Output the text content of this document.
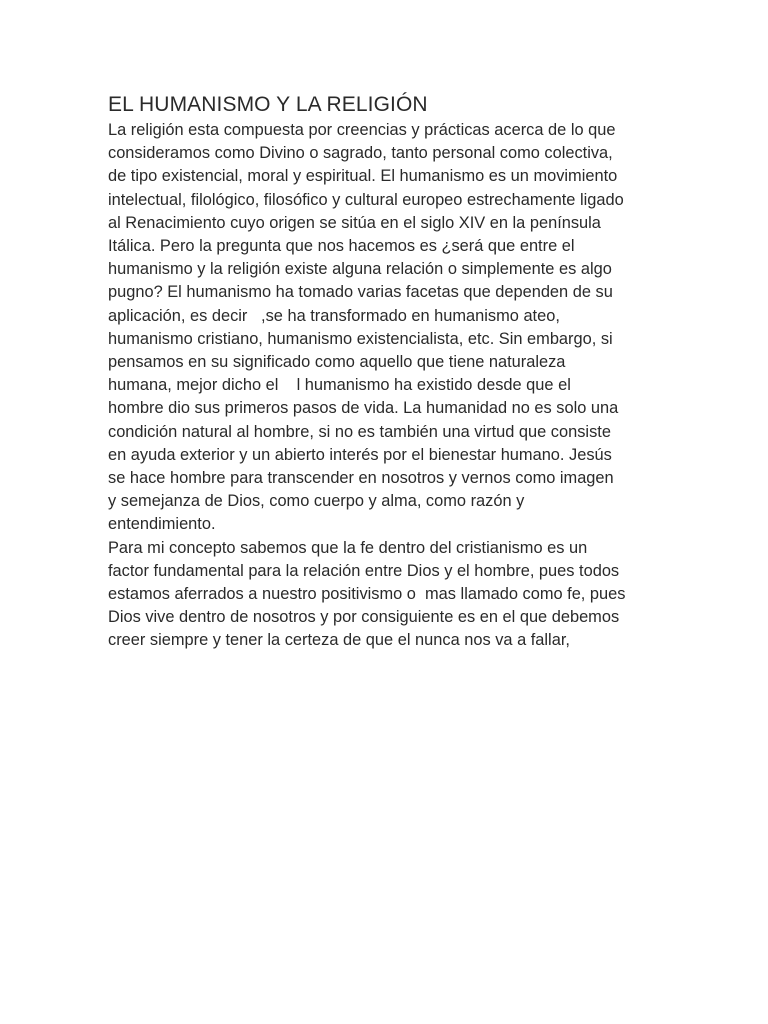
EL HUMANISMO Y LA RELIGIÓN
La religión esta compuesta por creencias y prácticas acerca de lo que
consideramos como Divino o sagrado, tanto personal como colectiva,
de tipo existencial, moral y espiritual. El humanismo es un movimiento
intelectual, filológico, filosófico y cultural europeo estrechamente ligado
al Renacimiento cuyo origen se sitúa en el siglo XIV en la península
Itálica. Pero la pregunta que nos hacemos es ¿será que entre el
humanismo y la religión existe alguna relación o simplemente es algo
pugno? El humanismo ha tomado varias facetas que dependen de su
aplicación, es decir   ,se ha transformado en humanismo ateo,
humanismo cristiano, humanismo existencialista, etc. Sin embargo, si
pensamos en su significado como aquello que tiene naturaleza
humana, mejor dicho el    l humanismo ha existido desde que el
hombre dio sus primeros pasos de vida. La humanidad no es solo una
condición natural al hombre, si no es también una virtud que consiste
en ayuda exterior y un abierto interés por el bienestar humano. Jesús
se hace hombre para transcender en nosotros y vernos como imagen
y semejanza de Dios, como cuerpo y alma, como razón y
entendimiento.
Para mi concepto sabemos que la fe dentro del cristianismo es un
factor fundamental para la relación entre Dios y el hombre, pues todos
estamos aferrados a nuestro positivismo o  mas llamado como fe, pues
Dios vive dentro de nosotros y por consiguiente es en el que debemos
creer siempre y tener la certeza de que el nunca nos va a fallar,
